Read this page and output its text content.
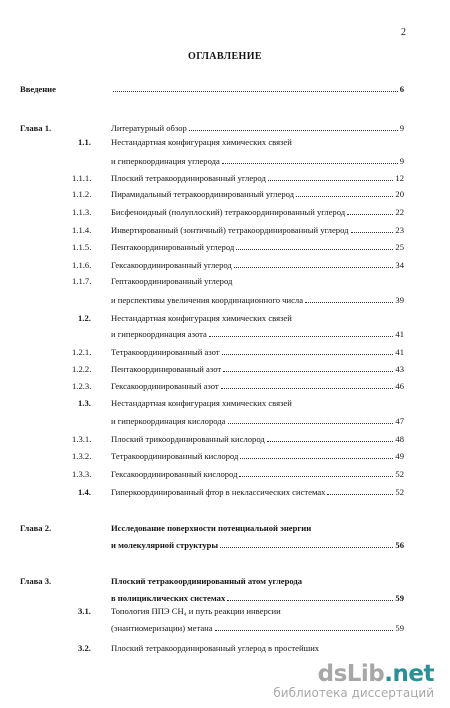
2
ОГЛАВЛЕНИЕ
Введение	6
Глава 1.	Литературный обзор	9
1.1. Нестандартная конфигурация химических связей
и гиперкоординация углерода	9
1.1.1. Плоский тетракоординированный углерод	12
1.1.2. Пирамидальный тетракоординированный углерод	20
1.1.3. Бисфеноидный (полуплоский) тетракоординированный углерод	22
1.1.4. Инвертированный (зонтичный) тетракоординированный углерод	23
1.1.5. Пентакоординированный углерод	25
1.1.6. Гексакоординированный углерод	34
1.1.7. Гептакоординированный углерод
и перспективы увеличения координационного числа	39
1.2. Нестандартная конфигурация химических связей
и гиперкоординация азота	41
1.2.1. Тетракоординированный азот	41
1.2.2. Пентакоординированный азот	43
1.2.3. Гексакоординированный азот	46
1.3. Нестандартная конфигурация химических связей
и гиперкоординация кислорода	47
1.3.1. Плоский трикоординированный кислород	48
1.3.2. Тетракоординированный кислород	49
1.3.3. Гексакоординированный кислород	52
1.4. Гиперкоординированный фтор в неклассических системах	52
Глава 2.	Исследование поверхности потенциальной энергии
и молекулярной структуры	56
Глава 3.	Плоский тетракоординированный атом углерода
в полициклических системах	59
3.1. Топология ППЭ CH₄ и путь реакции инверсии
(энантиомеризации) метана	59
3.2. Плоский тетракоординированный углерод в простейших
dsLib.net
библиотека диссертаций
